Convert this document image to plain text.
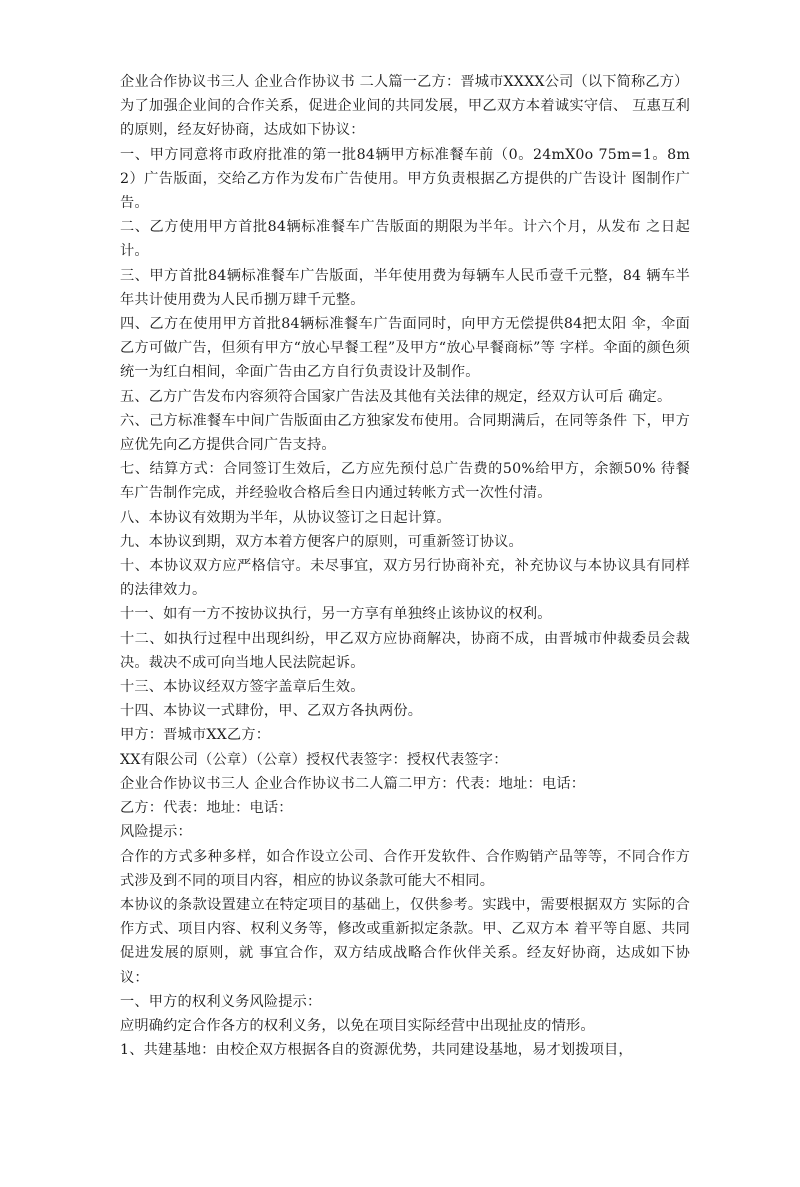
企业合作协议书三人 企业合作协议书 二人篇一乙方：晋城市XXXX公司（以下简称乙方）

为了加强企业间的合作关系，促进企业间的共同发展，甲乙双方本着诚实守信、 互惠互利的原则，经友好协商，达成如下协议：

一、甲方同意将市政府批准的第一批84辆甲方标准餐车前（0。24mX0o 75m=1。8m2）广告版面，交给乙方作为发布广告使用。甲方负责根据乙方提供的广告设计 图制作广告。

二、乙方使用甲方首批84辆标准餐车广告版面的期限为半年。计六个月，从发布 之日起计。

三、甲方首批84辆标准餐车广告版面，半年使用费为每辆车人民币壹千元整，84 辆车半年共计使用费为人民币捌万肆千元整。

四、乙方在使用甲方首批84辆标准餐车广告面同时，向甲方无偿提供84把太阳 伞，伞面乙方可做广告，但须有甲方“放心早餐工程”及甲方“放心早餐商标”等 字样。伞面的颜色须统一为红白相间，伞面广告由乙方自行负责设计及制作。

五、乙方广告发布内容须符合国家广告法及其他有关法律的规定，经双方认可后 确定。

六、己方标准餐车中间广告版面由乙方独家发布使用。合同期满后，在同等条件 下，甲方应优先向乙方提供合同广告支持。

七、结算方式：合同签订生效后，乙方应先预付总广告费的50%给甲方，余额50% 待餐车广告制作完成，并经验收合格后叁日内通过转帐方式一次性付清。

八、本协议有效期为半年，从协议签订之日起计算。

九、本协议到期，双方本着方便客户的原则，可重新签订协议。

十、本协议双方应严格信守。未尽事宜，双方另行协商补充，补充协议与本协议具有同样的法律效力。

十一、如有一方不按协议执行，另一方享有单独终止该协议的权利。

十二、如执行过程中出现纠纷，甲乙双方应协商解决，协商不成，由晋城市仲裁委员会裁决。裁决不成可向当地人民法院起诉。

十三、本协议经双方签字盖章后生效。

十四、本协议一式肆份，甲、乙双方各执两份。

甲方：晋城市XX乙方：

XX有限公司（公章）（公章）授权代表签字：授权代表签字：

企业合作协议书三人 企业合作协议书二人篇二甲方：代表：地址：电话：

乙方：代表：地址：电话：

风险提示：

合作的方式多种多样，如合作设立公司、合作开发软件、合作购销产品等等，不同合作方式涉及到不同的项目内容，相应的协议条款可能大不相同。

本协议的条款设置建立在特定项目的基础上，仅供参考。实践中，需要根据双方 实际的合作方式、项目内容、权利义务等，修改或重新拟定条款。甲、乙双方本 着平等自愿、共同促进发展的原则，就 事宜合作，双方结成战略合作伙伴关系。经友好协商，达成如下协议：

一、甲方的权利义务风险提示：

应明确约定合作各方的权利义务，以免在项目实际经营中出现扯皮的情形。

1、共建基地：由校企双方根据各自的资源优势，共同建设基地，易才划拨项目，
